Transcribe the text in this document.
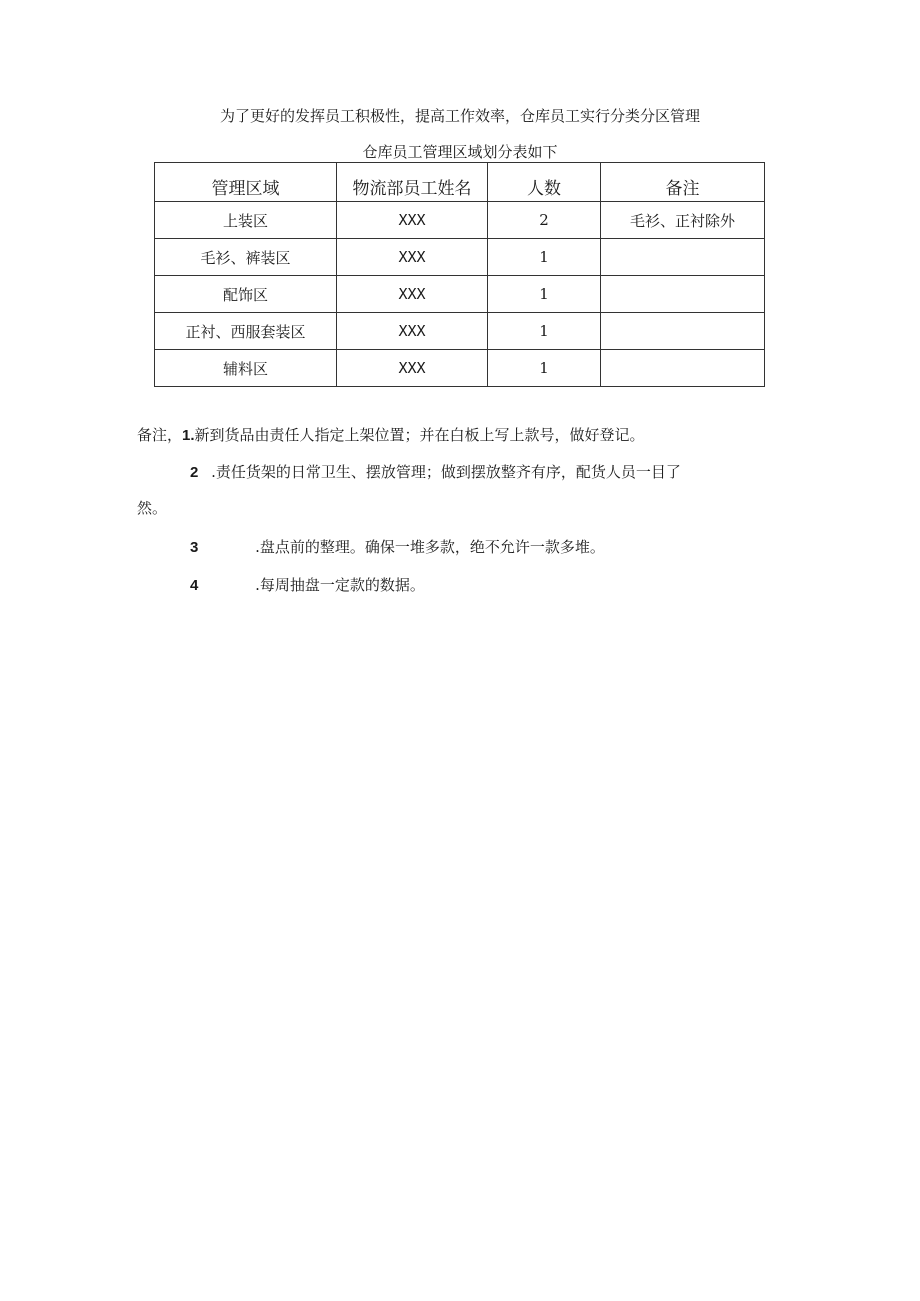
为了更好的发挥员工积极性，提高工作效率，仓库员工实行分类分区管理
仓库员工管理区域划分表如下
管理区域	物流部员工姓名	人数	备注
上装区	XXX	2	毛衫、正衬除外
毛衫、裤装区	XXX	1	
配饰区	XXX	1	
正衬、西服套装区	XXX	1	
辅料区	XXX	1	
备注，1.新到货品由责任人指定上架位置；并在白板上写上款号，做好登记。
2 .责任货架的日常卫生、摆放管理；做到摆放整齐有序，配货人员一目了
然。
3	.盘点前的整理。确保一堆多款，绝不允许一款多堆。
4	.每周抽盘一定款的数据。
